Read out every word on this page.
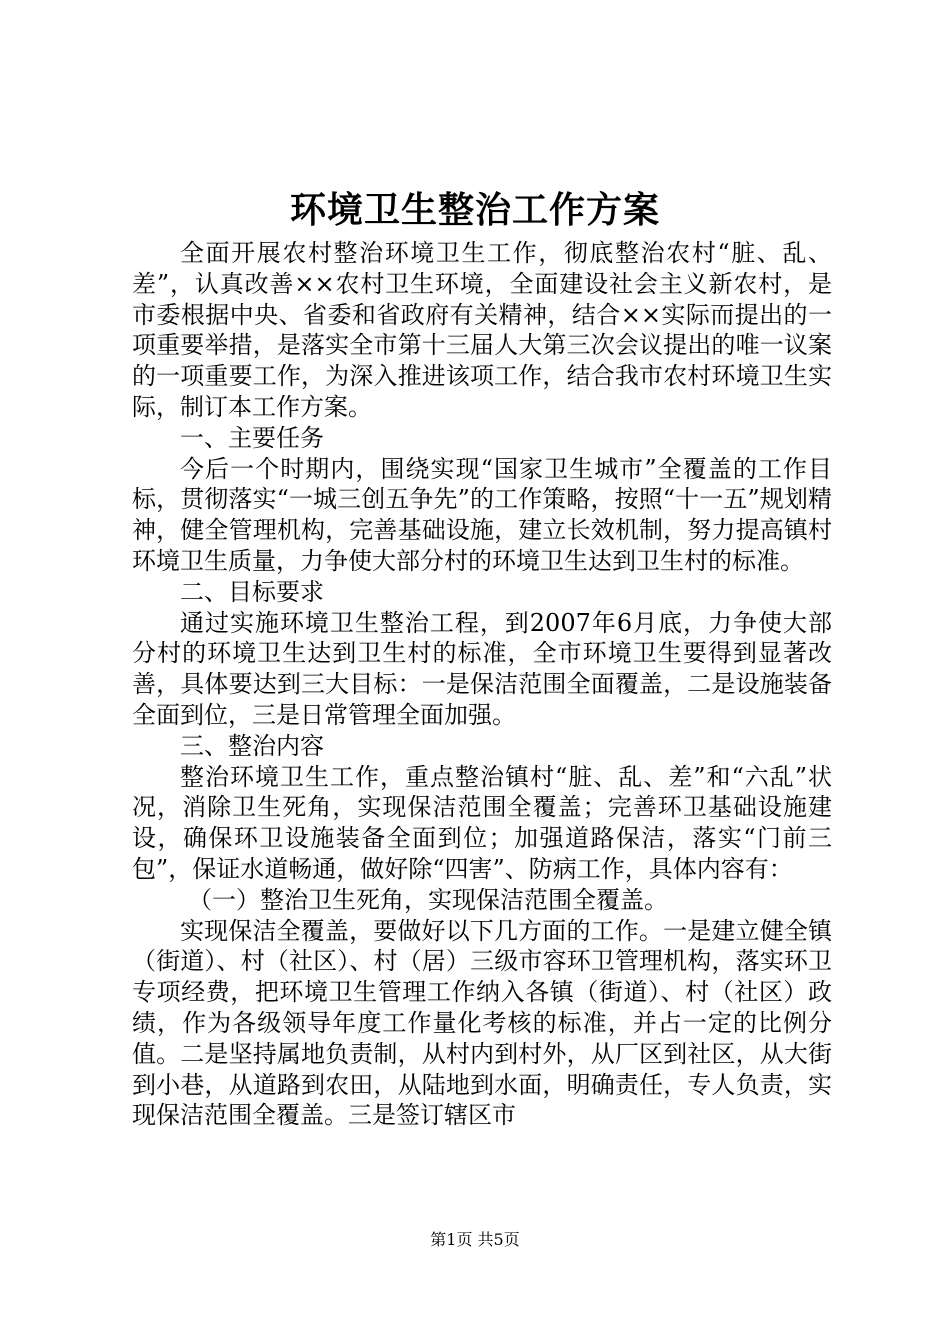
环境卫生整治工作方案

全面开展农村整治环境卫生工作，彻底整治农村“脏、乱、差”，认真改善××农村卫生环境，全面建设社会主义新农村，是市委根据中央、省委和省政府有关精神，结合××实际而提出的一项重要举措，是落实全市第十三届人大第三次会议提出的唯一议案的一项重要工作，为深入推进该项工作，结合我市农村环境卫生实际，制订本工作方案。

一、主要任务

今后一个时期内，围绕实现“国家卫生城市”全覆盖的工作目标，贯彻落实“一城三创五争先”的工作策略，按照“十一五”规划精神，健全管理机构，完善基础设施，建立长效机制，努力提高镇村环境卫生质量，力争使大部分村的环境卫生达到卫生村的标准。

二、目标要求

通过实施环境卫生整治工程，到2007年6月底，力争使大部分村的环境卫生达到卫生村的标准，全市环境卫生要得到显著改善，具体要达到三大目标：一是保洁范围全面覆盖，二是设施装备全面到位，三是日常管理全面加强。

三、整治内容

整治环境卫生工作，重点整治镇村“脏、乱、差”和“六乱”状况，消除卫生死角，实现保洁范围全覆盖；完善环卫基础设施建设，确保环卫设施装备全面到位；加强道路保洁，落实“门前三包”，保证水道畅通，做好除“四害”、防病工作，具体内容有：

（一）整治卫生死角，实现保洁范围全覆盖。

实现保洁全覆盖，要做好以下几方面的工作。一是建立健全镇（街道）、村（社区）、村（居）三级市容环卫管理机构，落实环卫专项经费，把环境卫生管理工作纳入各镇（街道）、村（社区）政绩，作为各级领导年度工作量化考核的标准，并占一定的比例分值。二是坚持属地负责制，从村内到村外，从厂区到社区，从大街到小巷，从道路到农田，从陆地到水面，明确责任，专人负责，实现保洁范围全覆盖。三是签订辖区市

第1页 共5页
